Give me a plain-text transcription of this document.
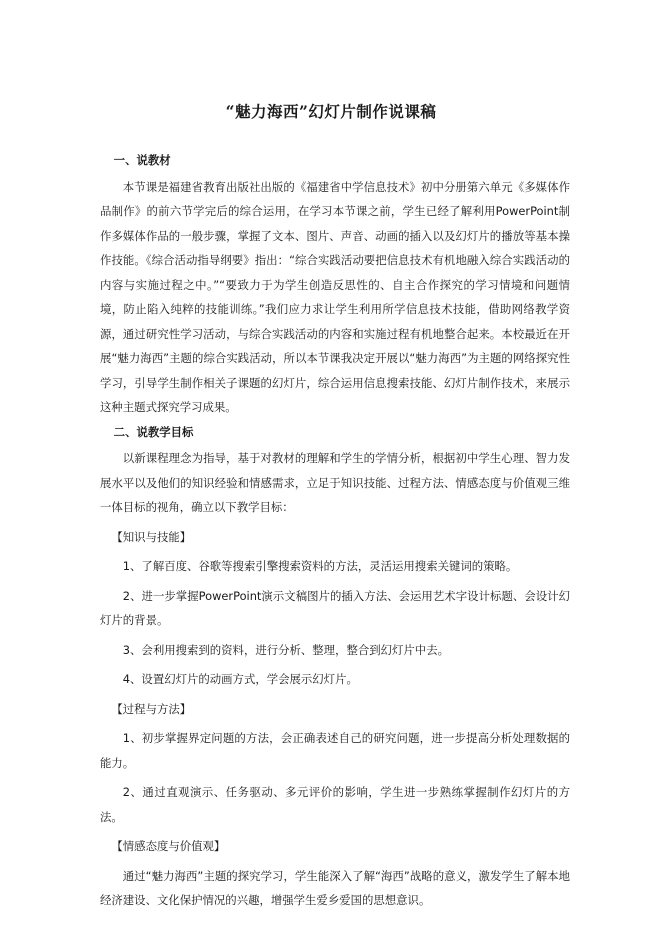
“魅力海西”幻灯片制作说课稿

一、说教材

本节课是福建省教育出版社出版的《福建省中学信息技术》初中分册第六单元《多媒体作品制作》的前六节学完后的综合运用，在学习本节课之前，学生已经了解利用PowerPoint制作多媒体作品的一般步骤，掌握了文本、图片、声音、动画的插入以及幻灯片的播放等基本操作技能。《综合活动指导纲要》指出：“综合实践活动要把信息技术有机地融入综合实践活动的内容与实施过程之中。”“要致力于为学生创造反思性的、自主合作探究的学习情境和问题情境，防止陷入纯粹的技能训练。”我们应力求让学生利用所学信息技术技能，借助网络教学资源，通过研究性学习活动，与综合实践活动的内容和实施过程有机地整合起来。本校最近在开展“魅力海西”主题的综合实践活动，所以本节课我决定开展以“魅力海西”为主题的网络探究性学习，引导学生制作相关子课题的幻灯片，综合运用信息搜索技能、幻灯片制作技术，来展示这种主题式探究学习成果。

二、说教学目标

以新课程理念为指导，基于对教材的理解和学生的学情分析，根据初中学生心理、智力发展水平以及他们的知识经验和情感需求，立足于知识技能、过程方法、情感态度与价值观三维一体目标的视角，确立以下教学目标：

【知识与技能】

1、了解百度、谷歌等搜索引擎搜索资料的方法，灵活运用搜索关键词的策略。

2、进一步掌握PowerPoint演示文稿图片的插入方法、会运用艺术字设计标题、会设计幻灯片的背景。

3、会利用搜索到的资料，进行分析、整理，整合到幻灯片中去。

4、设置幻灯片的动画方式，学会展示幻灯片。

【过程与方法】

1、初步掌握界定问题的方法，会正确表述自己的研究问题，进一步提高分析处理数据的能力。

2、通过直观演示、任务驱动、多元评价的影响，学生进一步熟练掌握制作幻灯片的方法。

【情感态度与价值观】

通过“魅力海西”主题的探究学习，学生能深入了解“海西”战略的意义，激发学生了解本地经济建设、文化保护情况的兴趣，增强学生爱乡爱国的思想意识。
